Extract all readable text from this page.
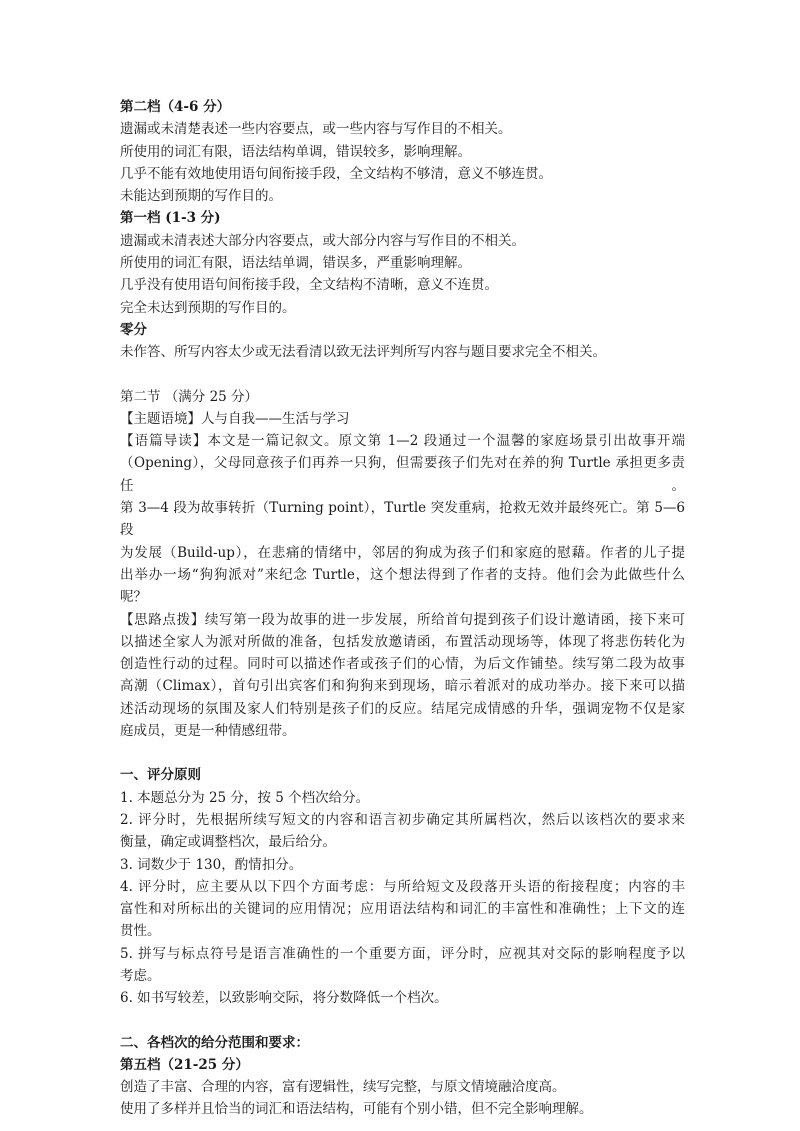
第二档（4-6 分）
遗漏或未清楚表述一些内容要点，或一些内容与写作目的不相关。
所使用的词汇有限，语法结构单调，错误较多，影响理解。
几乎不能有效地使用语句间衔接手段，全文结构不够清，意义不够连贯。
未能达到预期的写作目的。
第一档 (1-3 分)
遗漏或未清表述大部分内容要点，或大部分内容与写作目的不相关。
所使用的词汇有限，语法结单调，错误多，严重影响理解。
几乎没有使用语句间衔接手段，全文结构不清晰，意义不连贯。
完全未达到预期的写作目的。
零分
未作答、所写内容太少或无法看清以致无法评判所写内容与题目要求完全不相关。
第二节 （满分 25 分）
【主题语境】人与自我——生活与学习
【语篇导读】本文是一篇记叙文。原文第 1—2 段通过一个温馨的家庭场景引出故事开端
（Opening），父母同意孩子们再养一只狗，但需要孩子们先对在养的狗 Turtle 承担更多责任。
第 3—4 段为故事转折（Turning point），Turtle 突发重病，抢救无效并最终死亡。第 5—6 段
为发展（Build-up），在悲痛的情绪中，邻居的狗成为孩子们和家庭的慰藉。作者的儿子提
出举办一场“狗狗派对”来纪念 Turtle，这个想法得到了作者的支持。他们会为此做些什么
呢？
【思路点拨】续写第一段为故事的进一步发展，所给首句提到孩子们设计邀请函，接下来可
以描述全家人为派对所做的准备，包括发放邀请函，布置活动现场等，体现了将悲伤转化为
创造性行动的过程。同时可以描述作者或孩子们的心情，为后文作铺垫。续写第二段为故事
高潮（Climax），首句引出宾客们和狗狗来到现场，暗示着派对的成功举办。接下来可以描
述活动现场的氛围及家人们特别是孩子们的反应。结尾完成情感的升华，强调宠物不仅是家
庭成员，更是一种情感纽带。
一、评分原则
1. 本题总分为 25 分，按 5 个档次给分。
2. 评分时，先根据所续写短文的内容和语言初步确定其所属档次，然后以该档次的要求来
衡量，确定或调整档次，最后给分。
3. 词数少于 130，酌情扣分。
4. 评分时，应主要从以下四个方面考虑：与所给短文及段落开头语的衔接程度；内容的丰
富性和对所标出的关键词的应用情况；应用语法结构和词汇的丰富性和准确性；上下文的连
贯性。
5. 拼写与标点符号是语言准确性的一个重要方面，评分时，应视其对交际的影响程度予以
考虑。
6. 如书写较差，以致影响交际，将分数降低一个档次。
二、各档次的给分范围和要求：
第五档（21-25 分）
创造了丰富、合理的内容，富有逻辑性，续写完整，与原文情境融洽度高。
使用了多样并且恰当的词汇和语法结构，可能有个别小错，但不完全影响理解。
